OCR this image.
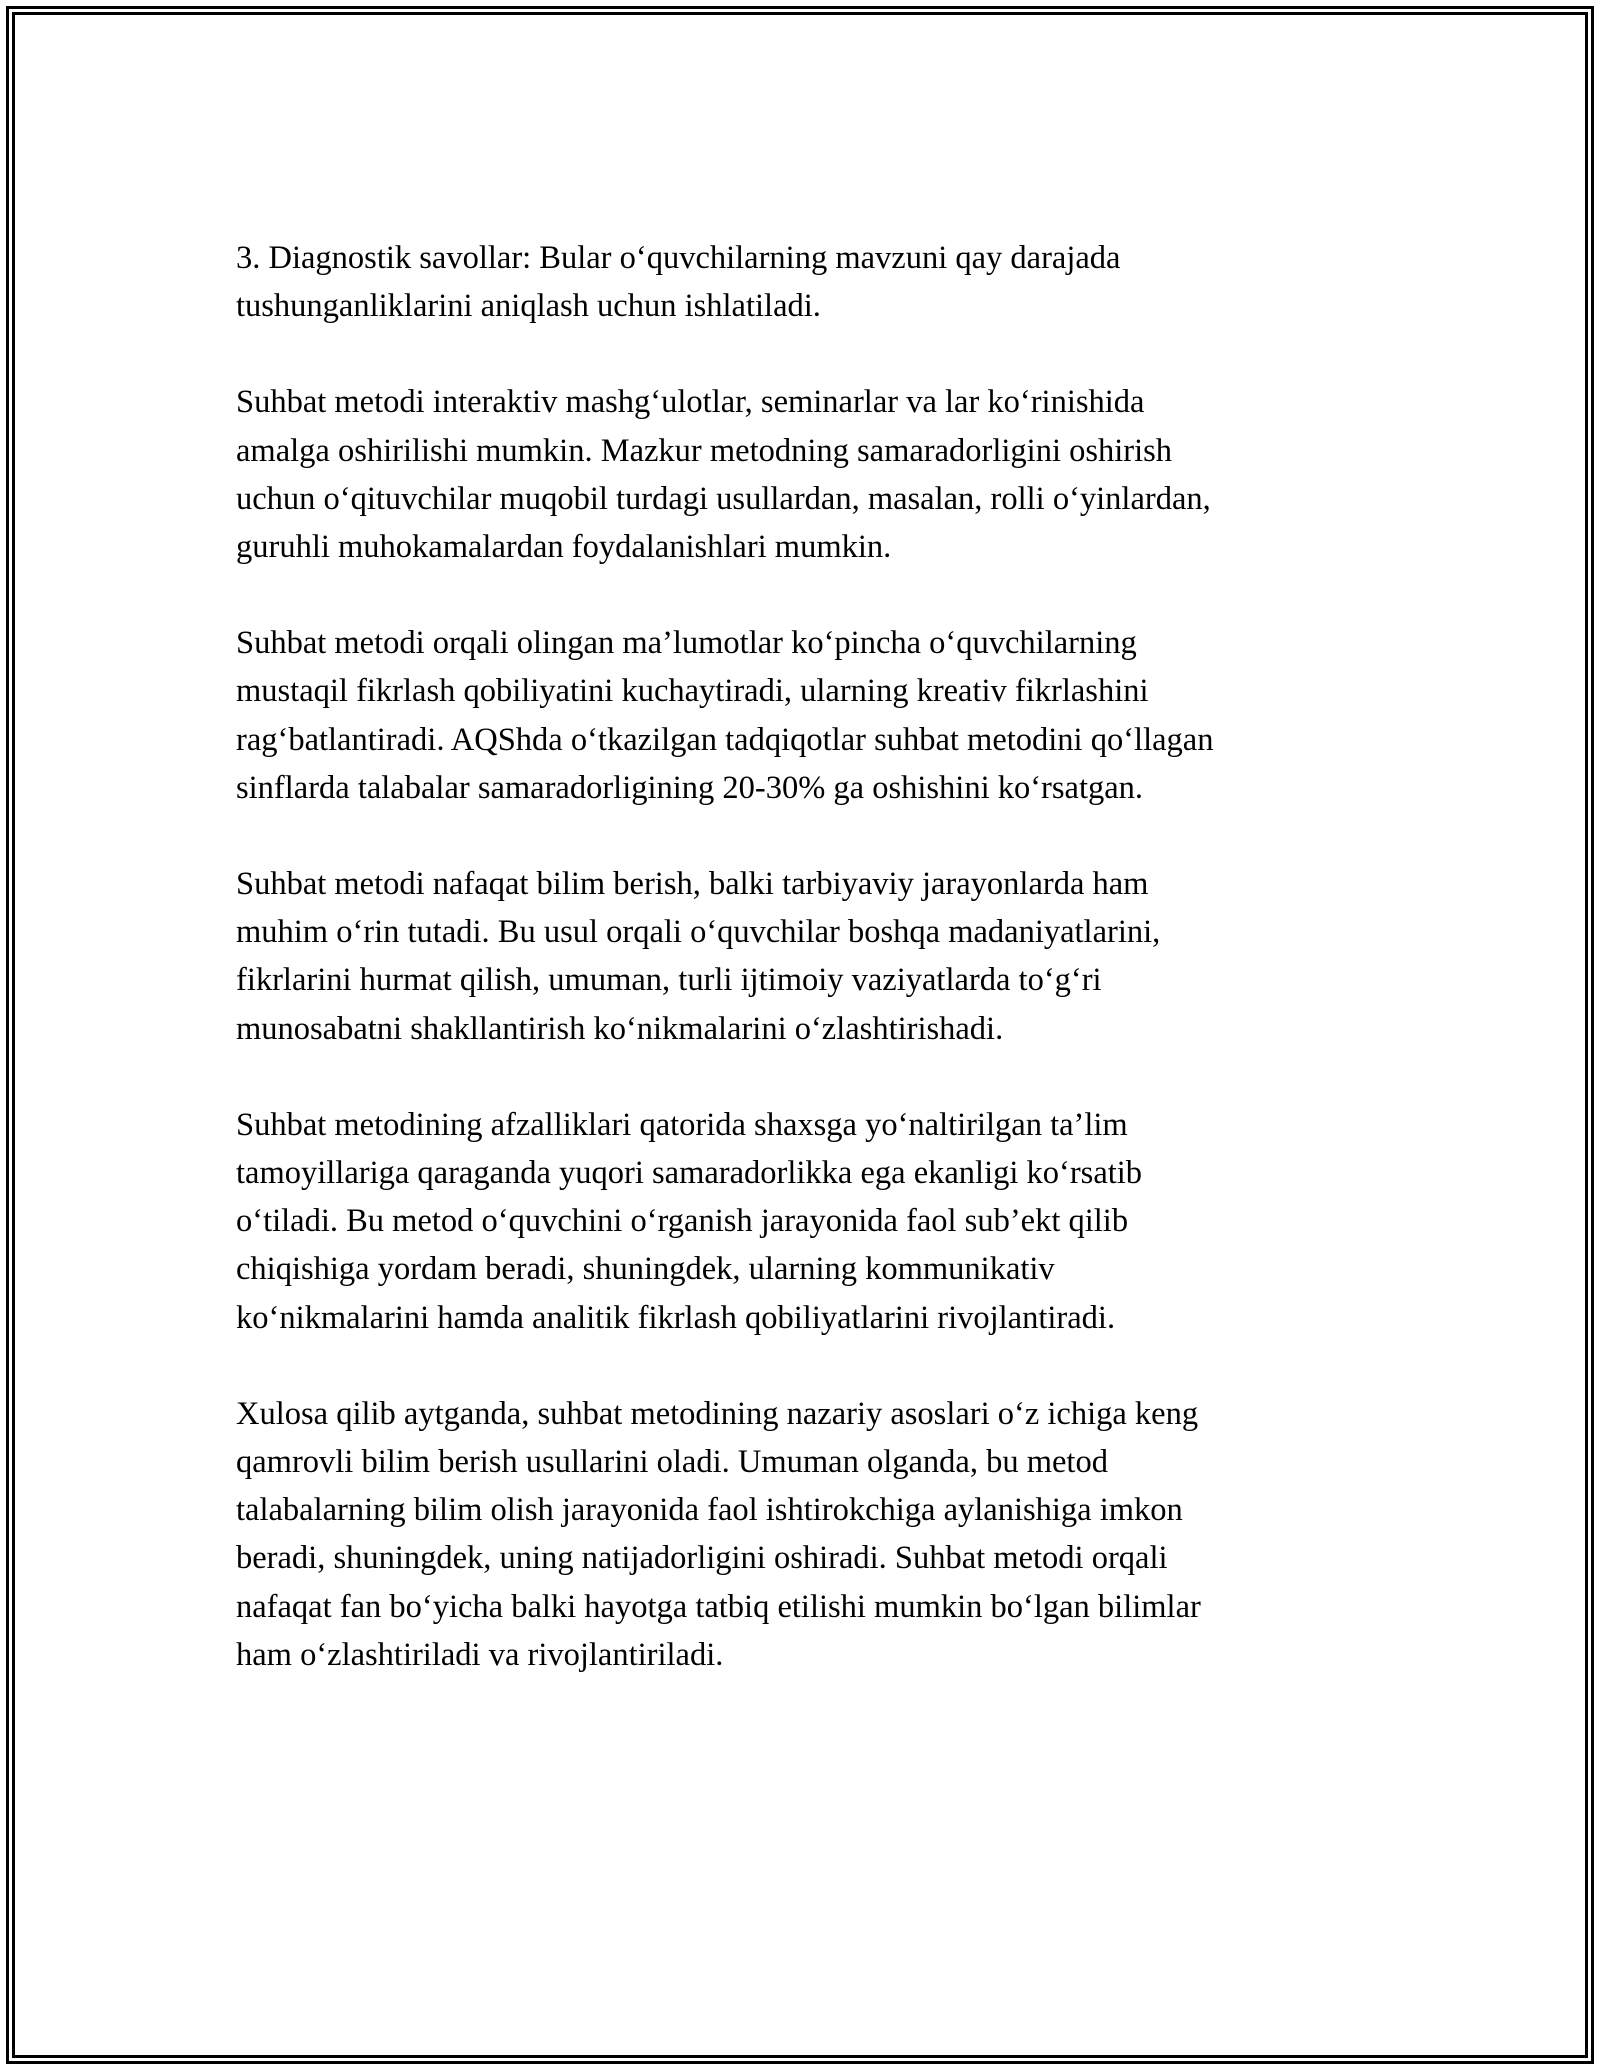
3. Diagnostik savollar: Bular o‘quvchilarning mavzuni qay darajada
tushunganliklarini aniqlash uchun ishlatiladi.

Suhbat metodi interaktiv mashg‘ulotlar, seminarlar va lar ko‘rinishida
amalga oshirilishi mumkin. Mazkur metodning samaradorligini oshirish
uchun o‘qituvchilar muqobil turdagi usullardan, masalan, rolli o‘yinlardan,
guruhli muhokamalardan foydalanishlari mumkin.

Suhbat metodi orqali olingan ma’lumotlar ko‘pincha o‘quvchilarning
mustaqil fikrlash qobiliyatini kuchaytiradi, ularning kreativ fikrlashini
rag‘batlantiradi. AQShda o‘tkazilgan tadqiqotlar suhbat metodini qo‘llagan
sinflarda talabalar samaradorligining 20-30% ga oshishini ko‘rsatgan.

Suhbat metodi nafaqat bilim berish, balki tarbiyaviy jarayonlarda ham
muhim o‘rin tutadi. Bu usul orqali o‘quvchilar boshqa madaniyatlarini,
fikrlarini hurmat qilish, umuman, turli ijtimoiy vaziyatlarda to‘g‘ri
munosabatni shakllantirish ko‘nikmalarini o‘zlashtirishadi.

Suhbat metodining afzalliklari qatorida shaxsga yo‘naltirilgan ta’lim
tamoyillariga qaraganda yuqori samaradorlikka ega ekanligi ko‘rsatib
o‘tiladi. Bu metod o‘quvchini o‘rganish jarayonida faol sub’ekt qilib
chiqishiga yordam beradi, shuningdek, ularning kommunikativ
ko‘nikmalarini hamda analitik fikrlash qobiliyatlarini rivojlantiradi.

Xulosa qilib aytganda, suhbat metodining nazariy asoslari o‘z ichiga keng
qamrovli bilim berish usullarini oladi. Umuman olganda, bu metod
talabalarning bilim olish jarayonida faol ishtirokchiga aylanishiga imkon
beradi, shuningdek, uning natijadorligini oshiradi. Suhbat metodi orqali
nafaqat fan bo‘yicha balki hayotga tatbiq etilishi mumkin bo‘lgan bilimlar
ham o‘zlashtiriladi va rivojlantiriladi.
